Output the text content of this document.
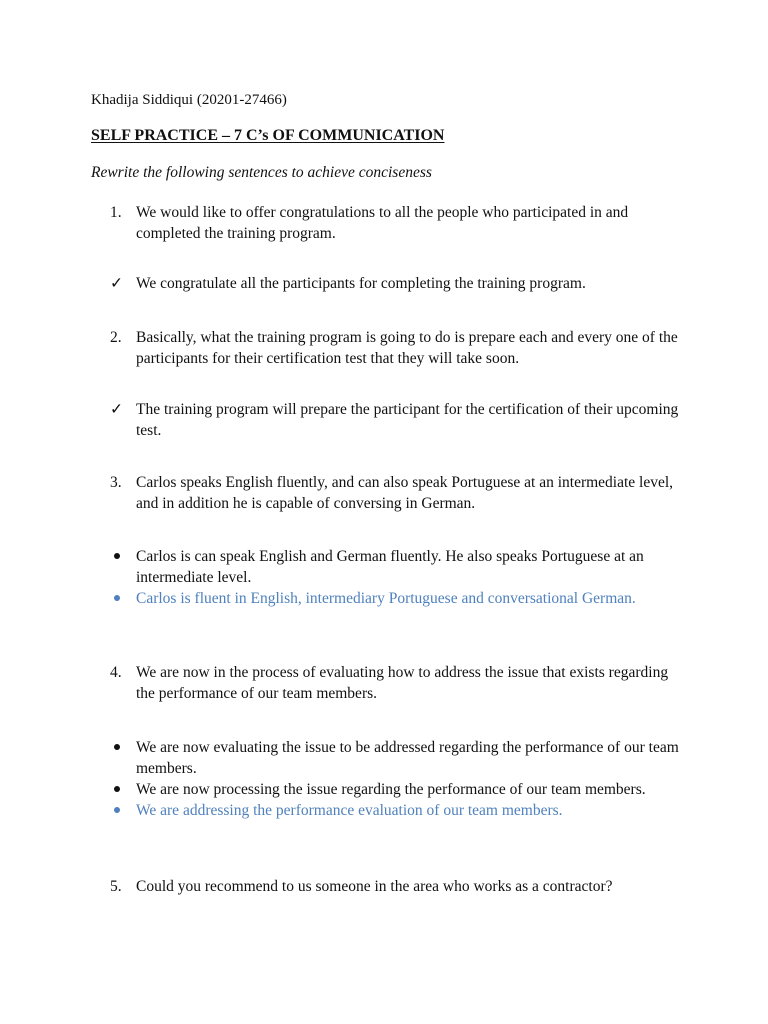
Khadija Siddiqui (20201-27466)
SELF PRACTICE – 7 C’s OF COMMUNICATION
Rewrite the following sentences to achieve conciseness
1. We would like to offer congratulations to all the people who participated in and completed the training program.
✓ We congratulate all the participants for completing the training program.
2. Basically, what the training program is going to do is prepare each and every one of the participants for their certification test that they will take soon.
✓ The training program will prepare the participant for the certification of their upcoming test.
3. Carlos speaks English fluently, and can also speak Portuguese at an intermediate level, and in addition he is capable of conversing in German.
Carlos is can speak English and German fluently. He also speaks Portuguese at an intermediate level.
Carlos is fluent in English, intermediary Portuguese and conversational German.
4. We are now in the process of evaluating how to address the issue that exists regarding the performance of our team members.
We are now evaluating the issue to be addressed regarding the performance of our team members.
We are now processing the issue regarding the performance of our team members.
We are addressing the performance evaluation of our team members.
5. Could you recommend to us someone in the area who works as a contractor?
